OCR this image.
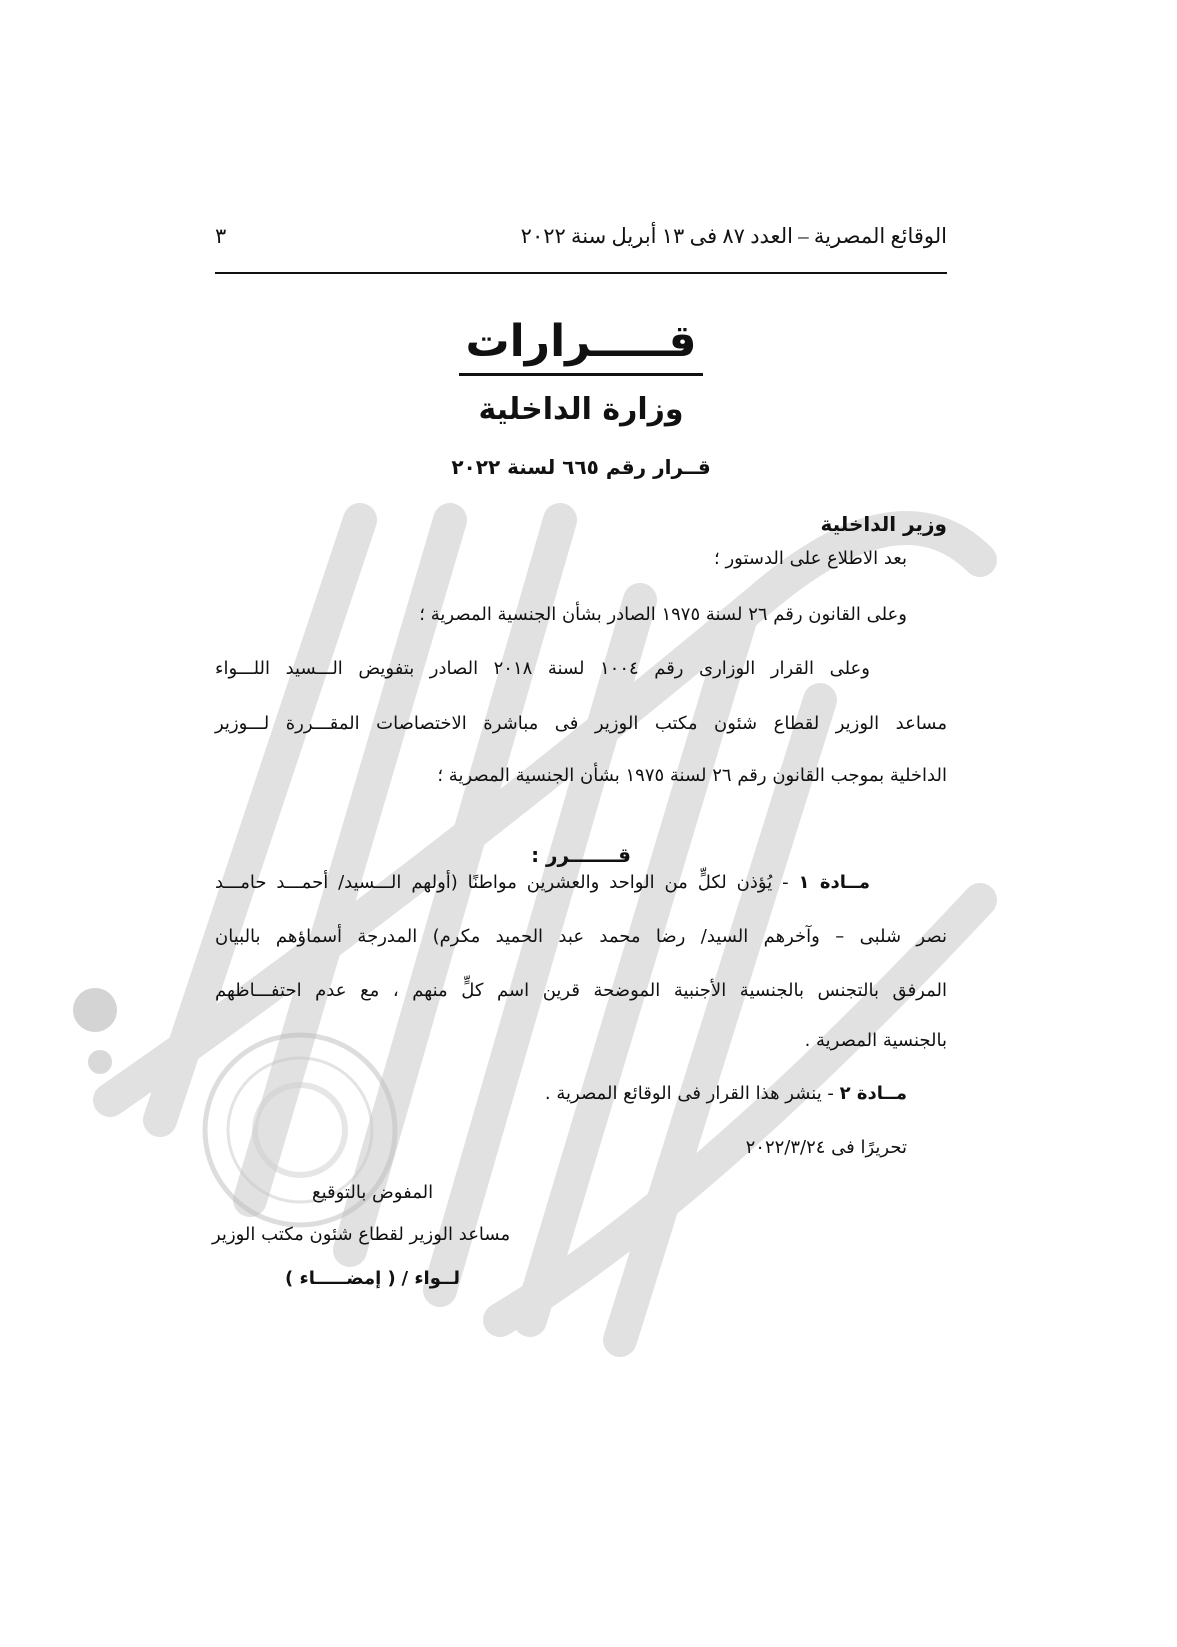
الوقائع المصرية – العدد ٨٧ فى ١٣ أبريل سنة ٢٠٢٢
٣
قـــــرارات
وزارة الداخلية
قــرار رقم ٦٦٥ لسنة ٢٠٢٢
وزير الداخلية
بعد الاطلاع على الدستور ؛
وعلى القانون رقم ٢٦ لسنة ١٩٧٥ الصادر بشأن الجنسية المصرية ؛
وعلى القرار الوزارى رقم ١٠٠٤ لسنة ٢٠١٨ الصادر بتفويض الـــسيد اللـــواء
مساعد الوزير لقطاع شئون مكتب الوزير فى مباشرة الاختصاصات المقـــررة لـــوزير
الداخلية بموجب القانون رقم ٢٦ لسنة ١٩٧٥ بشأن الجنسية المصرية ؛
قـــــــرر :
مــادة ١ - يُؤذن لكلٍّ من الواحد والعشرين مواطنًا (أولهم الـــسيد/ أحمـــد حامـــد
نصر شلبى – وآخرهم السيد/ رضا محمد عبد الحميد مكرم) المدرجة أسماؤهم بالبيان
المرفق بالتجنس بالجنسية الأجنبية الموضحة قرين اسم كلٍّ منهم ، مع عدم احتفـــاظهم
بالجنسية المصرية .
مــادة ٢ - ينشر هذا القرار فى الوقائع المصرية .
تحريرًا فى ٢٠٢٢/٣/٢٤
المفوض بالتوقيع
مساعد الوزير لقطاع شئون مكتب الوزير
لــواء / ( إمضـــــاء )
